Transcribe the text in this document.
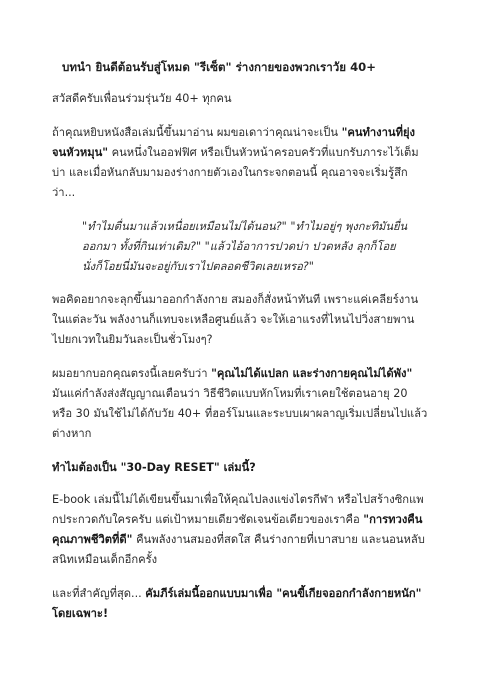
บทนำ ยินดีต้อนรับสู่โหมด "รีเซ็ต" ร่างกายของพวกเราวัย 40+

สวัสดีครับเพื่อนร่วมรุ่นวัย 40+ ทุกคน

ถ้าคุณหยิบหนังสือเล่มนี้ขึ้นมาอ่าน ผมขอเดาว่าคุณน่าจะเป็น "คนทำงานที่ยุ่งจนหัวหมุน" คนหนึ่งในออฟฟิศ หรือเป็นหัวหน้าครอบครัวที่แบกรับภาระไว้เต็มบ่า และเมื่อหันกลับมามองร่างกายตัวเองในกระจกตอนนี้ คุณอาจจะเริ่มรู้สึกว่า...

"ทำไมตื่นมาแล้วเหนื่อยเหมือนไม่ได้นอน?" "ทำไมอยู่ๆ พุงกะทิมันยื่นออกมา ทั้งที่กินเท่าเดิม?" "แล้วไอ้อาการปวดบ่า ปวดหลัง ลุกก็โอย นั่งก็โอยนี่มันจะอยู่กับเราไปตลอดชีวิตเลยเหรอ?"

พอคิดอยากจะลุกขึ้นมาออกกำลังกาย สมองก็สั่งหน้าทันที เพราะแค่เคลียร์งานในแต่ละวัน พลังงานก็แทบจะเหลือศูนย์แล้ว จะให้เอาแรงที่ไหนไปวิ่งสายพาน ไปยกเวทในยิมวันละเป็นชั่วโมงๆ?

ผมอยากบอกคุณตรงนี้เลยครับว่า "คุณไม่ได้แปลก และร่างกายคุณไม่ได้พัง" มันแค่กำลังส่งสัญญาณเตือนว่า วิธีชีวิตแบบหักโหมที่เราเคยใช้ตอนอายุ 20 หรือ 30 มันใช้ไม่ได้กับวัย 40+ ที่ฮอร์โมนและระบบเผาผลาญเริ่มเปลี่ยนไปแล้วต่างหาก

ทำไมต้องเป็น "30-Day RESET" เล่มนี้?

E-book เล่มนี้ไม่ได้เขียนขึ้นมาเพื่อให้คุณไปลงแข่งไตรกีฬา หรือไปสร้างซิกแพกประกวดกับใครครับ แต่เป้าหมายเดียวชัดเจนข้อเดียวของเราคือ "การทวงคืนคุณภาพชีวิตที่ดี" คืนพลังงานสมองที่สดใส คืนร่างกายที่เบาสบาย และนอนหลับสนิทเหมือนเด็กอีกครั้ง

และที่สำคัญที่สุด... คัมภีร์เล่มนี้ออกแบบมาเพื่อ "คนขี้เกียจออกกำลังกายหนัก" โดยเฉพาะ!
